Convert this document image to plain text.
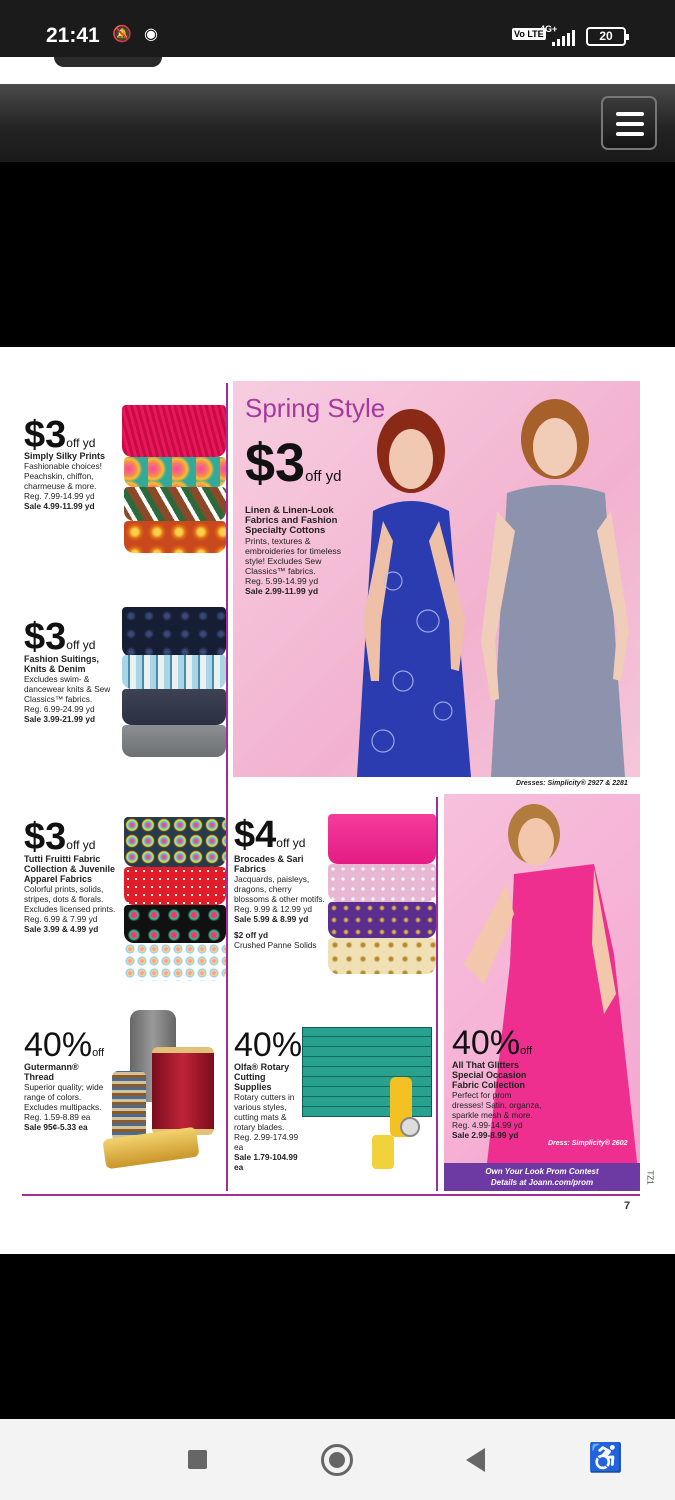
21:41 🔕 ◉	Vo LTE
4G+	20
$3off yd
Simply Silky Prints
Fashionable choices! Peachskin, chiffon, charmeuse & more.
Reg. 7.99-14.99 yd
Sale 4.99-11.99 yd
$3off yd
Fashion Suitings, Knits & Denim
Excludes swim- & dancewear knits & Sew Classics™ fabrics.
Reg. 6.99-24.99 yd
Sale 3.99-21.99 yd
$3off yd
Tutti Fruitti Fabric Collection & Juvenile Apparel Fabrics
Colorful prints, solids, stripes, dots & florals. Excludes licensed prints.
Reg. 6.99 & 7.99 yd
Sale 3.99 & 4.99 yd
40%off
Gutermann® Thread
Superior quality; wide range of colors. Excludes multipacks.
Reg. 1.59-8.89 ea
Sale 95¢-5.33 ea
Spring Style
$3off yd
Linen & Linen-Look Fabrics and Fashion Specialty Cottons
Prints, textures & embroideries for timeless style! Excludes Sew Classics™ fabrics.
Reg. 5.99-14.99 yd
Sale 2.99-11.99 yd
Dresses: Simplicity® 2927 & 2281
$4off yd
Brocades & Sari Fabrics
Jacquards, paisleys, dragons, cherry blossoms & other motifs.
Reg. 9.99 & 12.99 yd
Sale 5.99 & 8.99 yd
$2 off yd
Crushed Panne Solids
40%
Olfa® Rotary Cutting Supplies
Rotary cutters in various styles, cutting mats & rotary blades.
Reg. 2.99-174.99 ea
Sale 1.79-104.99 ea
40%off
All That Glitters Special Occasion Fabric Collection
Perfect for prom dresses! Satin, organza, sparkle mesh & more.
Reg. 4.99-14.99 yd
Sale 2.99-8.99 yd
Dress: Simplicity® 2602
Own Your Look Prom Contest
Details at Joann.com/prom	TZ1
7
♿
